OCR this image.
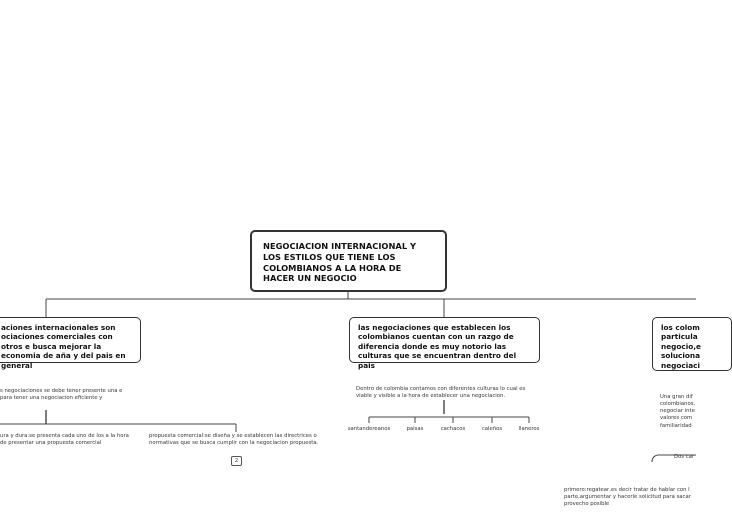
NEGOCIACION INTERNACIONAL Y LOS ESTILOS QUE TIENE LOS COLOMBIANOS A LA HORA DE HACER UN NEGOCIO
aciones internacionales son ociaciones comerciales con otros e busca mejorar la economia de aña y del pais en general
s negociaciones se debe tener presente una e para tener una negociacion eficiente y
ura y dura:se presenta cada uno de los a la hora de presentar una propuesta comercial
propuesta comercial:se diseña y se establecen las directrices o normativas que se busca cumplir con la negociacion propuesta.
2
las negociaciones que establecen los colombianos cuentan con un razgo de diferencia donde es muy notorio las culturas que se encuentran dentro del pais
Dentro de colombia contamos con diferentes culturas lo cual es viable y visible a la hora de establecer una negociacion.
santandereanos	paisas	cachacos	caleños	llaneros
los colom particula negocio,e soluciona negociaci
Una gran dif colombianos, negociar inte valores com familiaridad
Dos car
primero:regatear,es decir tratar de hablar con l parte,argumentar y hacerle solicitud para sacar provecho posible
